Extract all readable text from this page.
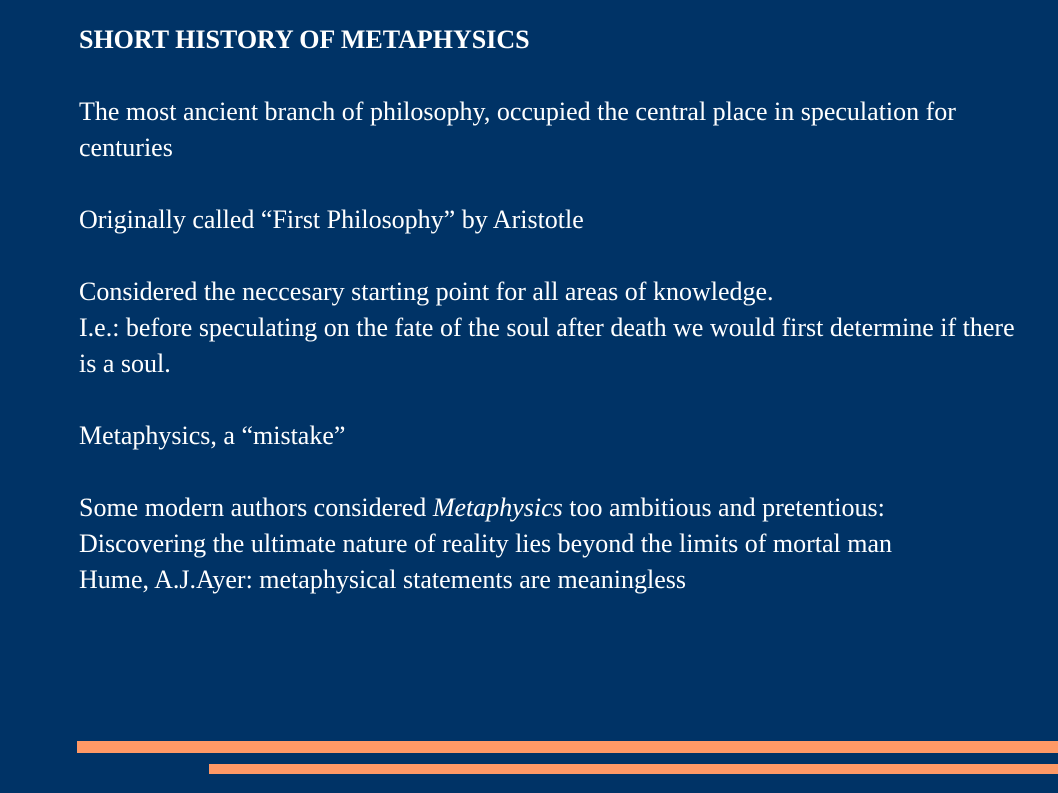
SHORT HISTORY OF METAPHYSICS

The most ancient branch of philosophy, occupied the central place in speculation for centuries

Originally called “First Philosophy” by Aristotle

Considered the neccesary starting point for all areas of knowledge.

I.e.: before speculating on the fate of the soul after death we would first determine if there is a soul.

Metaphysics, a “mistake”

Some modern authors considered Metaphysics too ambitious and pretentious:

Discovering the ultimate nature of reality lies beyond the limits of mortal man

Hume, A.J.Ayer: metaphysical statements are meaningless
